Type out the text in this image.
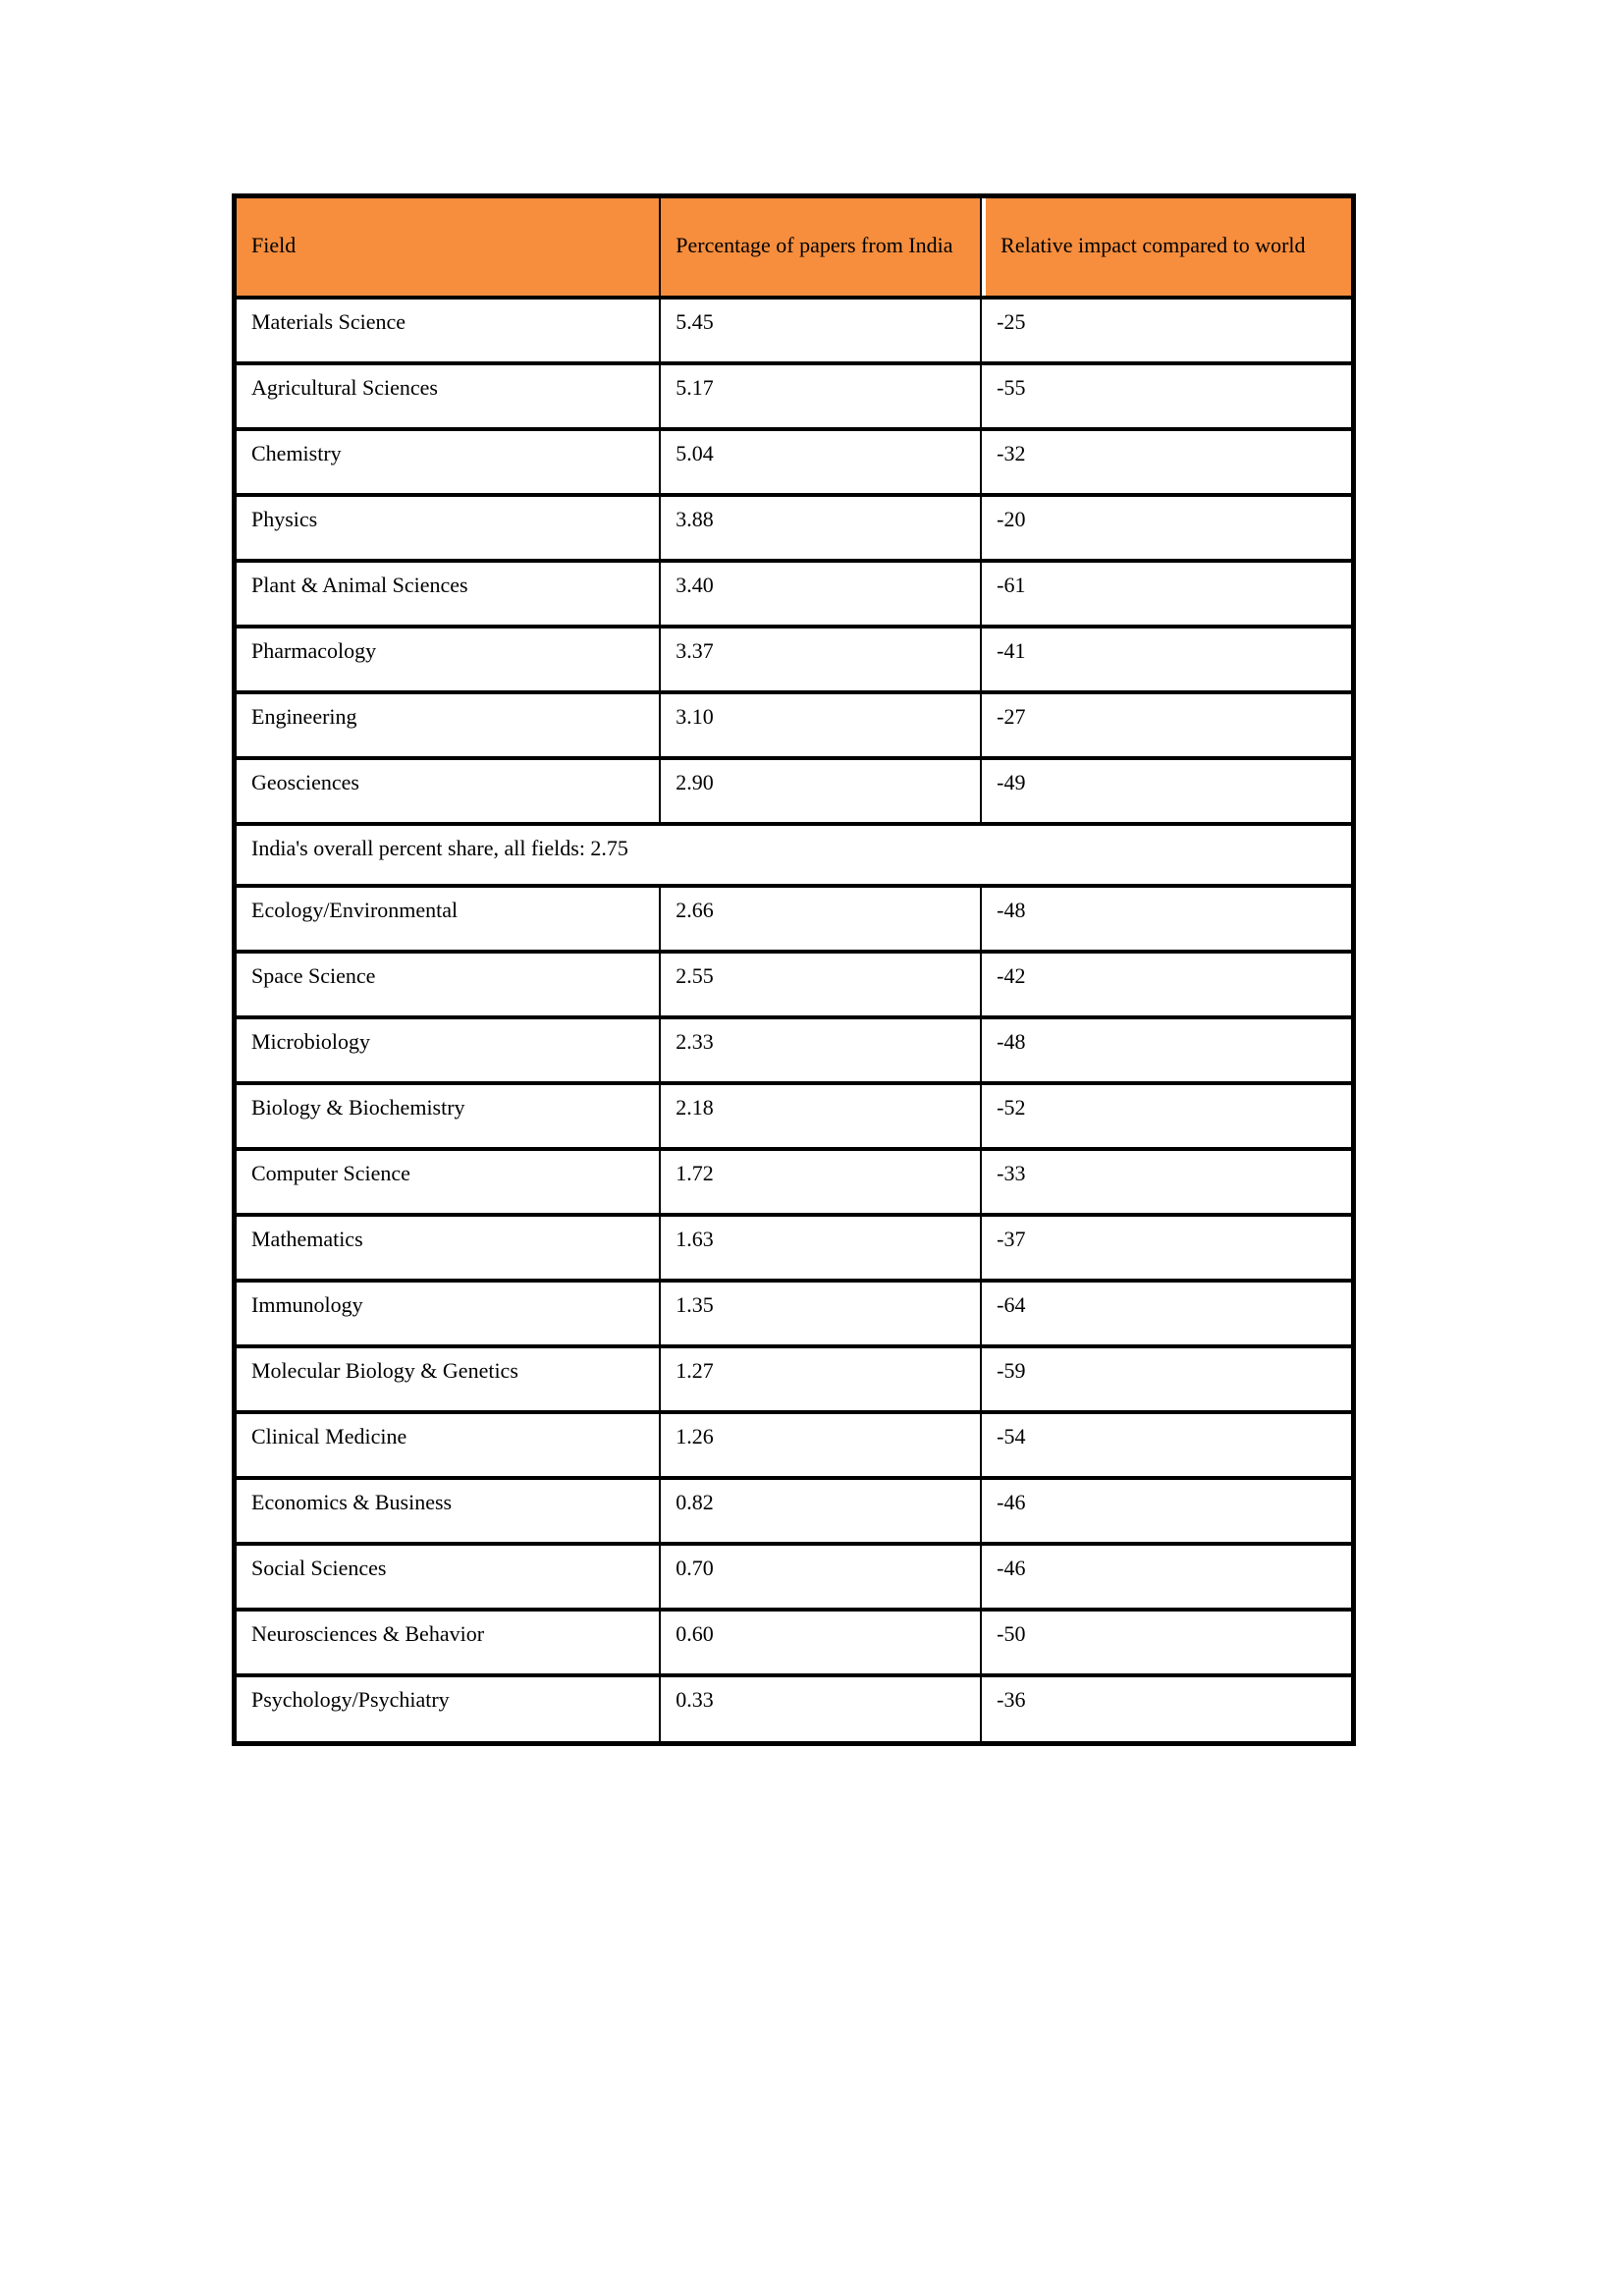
Field	Percentage of papers from India	Relative impact compared to world
Materials Science	5.45	-25
Agricultural Sciences	5.17	-55
Chemistry	5.04	-32
Physics	3.88	-20
Plant & Animal Sciences	3.40	-61
Pharmacology	3.37	-41
Engineering	3.10	-27
Geosciences	2.90	-49
India's overall percent share, all fields: 2.75		
Ecology/Environmental	2.66	-48
Space Science	2.55	-42
Microbiology	2.33	-48
Biology & Biochemistry	2.18	-52
Computer Science	1.72	-33
Mathematics	1.63	-37
Immunology	1.35	-64
Molecular Biology & Genetics	1.27	-59
Clinical Medicine	1.26	-54
Economics & Business	0.82	-46
Social Sciences	0.70	-46
Neurosciences & Behavior	0.60	-50
Psychology/Psychiatry	0.33	-36
